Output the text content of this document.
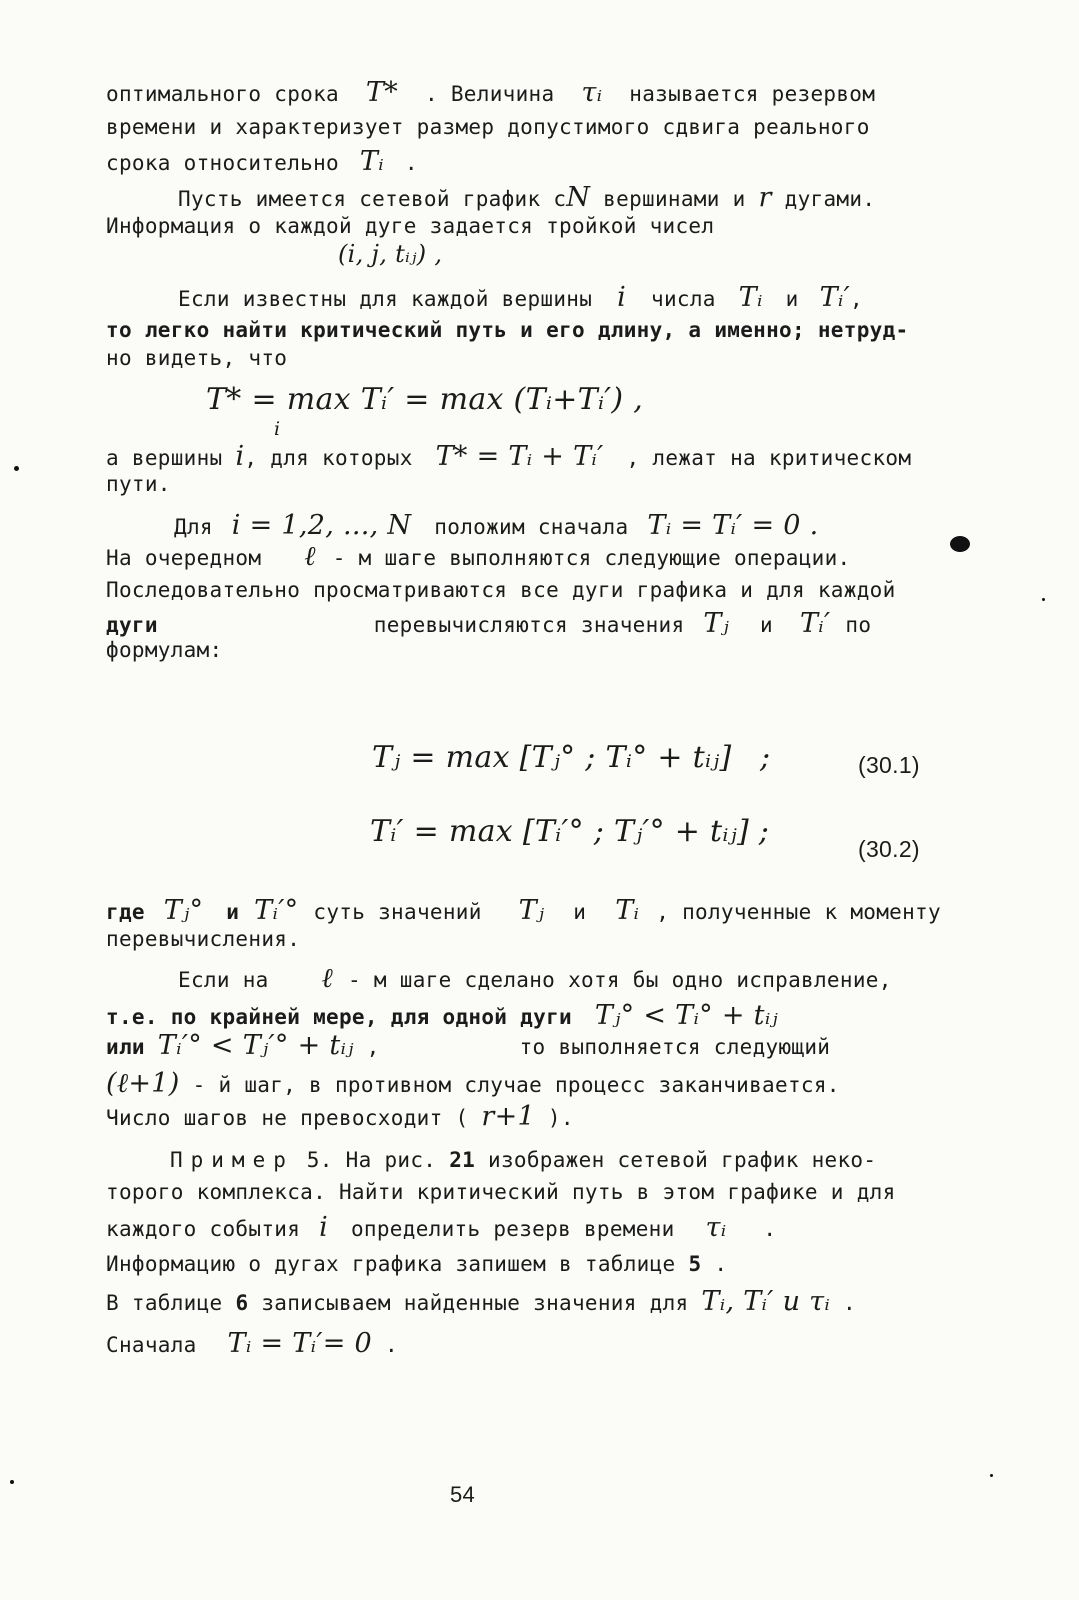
оптимального срока T* . Величина τᵢ называется резервом
времени и характеризует размер допустимого сдвига реального
срока относительно Tᵢ .
Пусть имеется сетевой график сN вершинами и r дугами.
Информация о каждой дуге задается тройкой чисел
(i, j, tᵢⱼ) ,
Если известны для каждой вершины i числа Tᵢ и Tᵢ′,
то легко найти критический путь и его длину, а именно; нетруд-
но видеть, что
T* = max Tᵢ′ = max (Tᵢ+Tᵢ′) ,
i
а вершины i, для которых T* = Tᵢ + Tᵢ′ , лежат на критическом
пути.
Для i = 1,2, ..., N положим сначала Tᵢ = Tᵢ′ = 0 .
На очередном ℓ - м шаге выполняются следующие операции.
Последовательно просматриваются все дуги графика и для каждой
дуги	перевычисляются значения Tⱼ и Tᵢ′ по
формулам:
Tⱼ = max [Tⱼ° ; Tᵢ° + tᵢⱼ] ;	(30.1)
Tᵢ′ = max [Tᵢ′° ; Tⱼ′° + tᵢⱼ] ;	(30.2)
где Tⱼ° и Tᵢ′° суть значений Tⱼ и Tᵢ , полученные к моменту
перевычисления.
Если на ℓ - м шаге сделано хотя бы одно исправление,
т.е. по крайней мере, для одной дуги Tⱼ° < Tᵢ° + tᵢⱼ
или Tᵢ′° < Tⱼ′° + tᵢⱼ ,	то выполняется следующий
(ℓ+1) - й шаг, в противном случае процесс заканчивается.
Число шагов не превосходит ( r+1 ).
Пример 5. На рис. 21 изображен сетевой график неко-
торого комплекса. Найти критический путь в этом графике и для
каждого события i определить резерв времени τᵢ .
Информацию о дугах графика запишем в таблице 5 .
В таблице 6 записываем найденные значения для Tᵢ, Tᵢ′ и τᵢ .
Сначала Tᵢ = Tᵢ′= 0 .
54
